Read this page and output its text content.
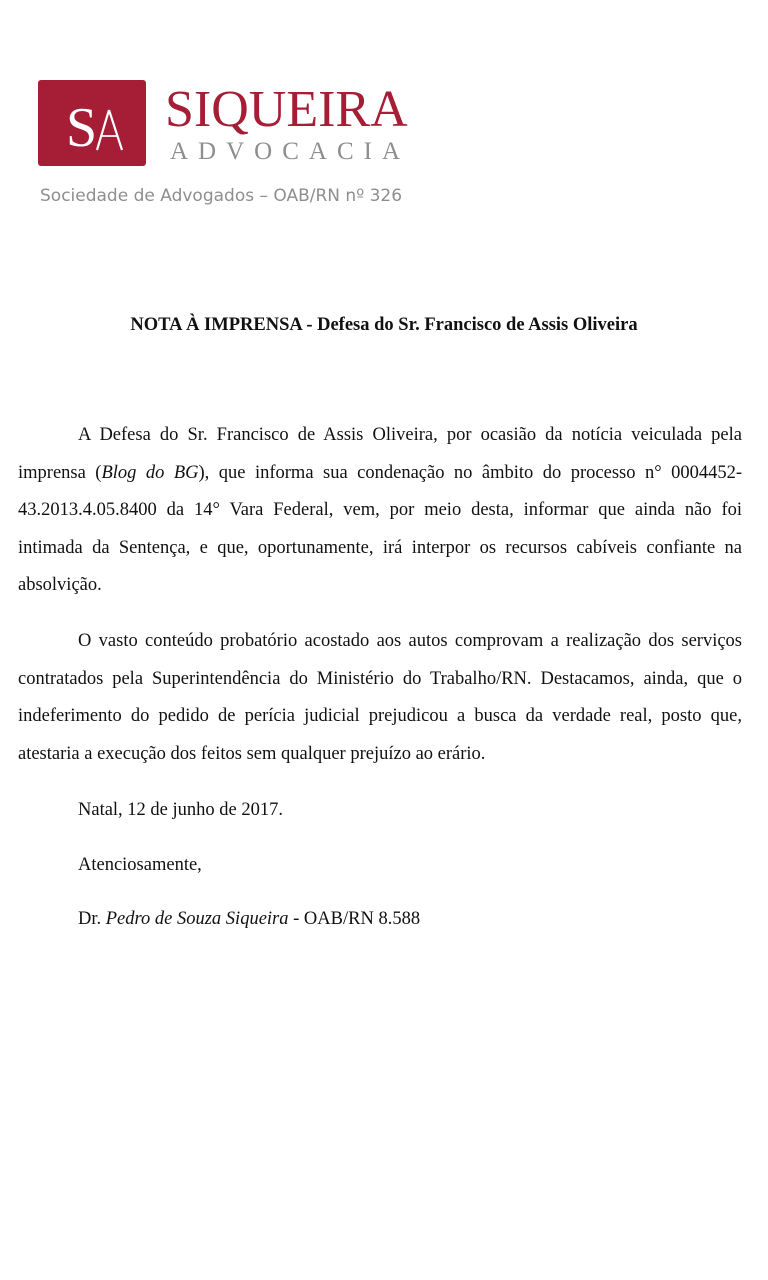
S SIQUEIRA
ADVOCACIA
Sociedade de Advogados – OAB/RN nº 326
NOTA À IMPRENSA - Defesa do Sr. Francisco de Assis Oliveira

A Defesa do Sr. Francisco de Assis Oliveira, por ocasião da notícia veiculada pela imprensa (Blog do BG), que informa sua condenação no âmbito do processo n° 0004452-43.2013.4.05.8400 da 14° Vara Federal, vem, por meio desta, informar que ainda não foi intimada da Sentença, e que, oportunamente, irá interpor os recursos cabíveis confiante na absolvição.

O vasto conteúdo probatório acostado aos autos comprovam a realização dos serviços contratados pela Superintendência do Ministério do Trabalho/RN. Destacamos, ainda, que o indeferimento do pedido de perícia judicial prejudicou a busca da verdade real, posto que, atestaria a execução dos feitos sem qualquer prejuízo ao erário.

Natal, 12 de junho de 2017.
Atenciosamente,
Dr. Pedro de Souza Siqueira - OAB/RN 8.588
